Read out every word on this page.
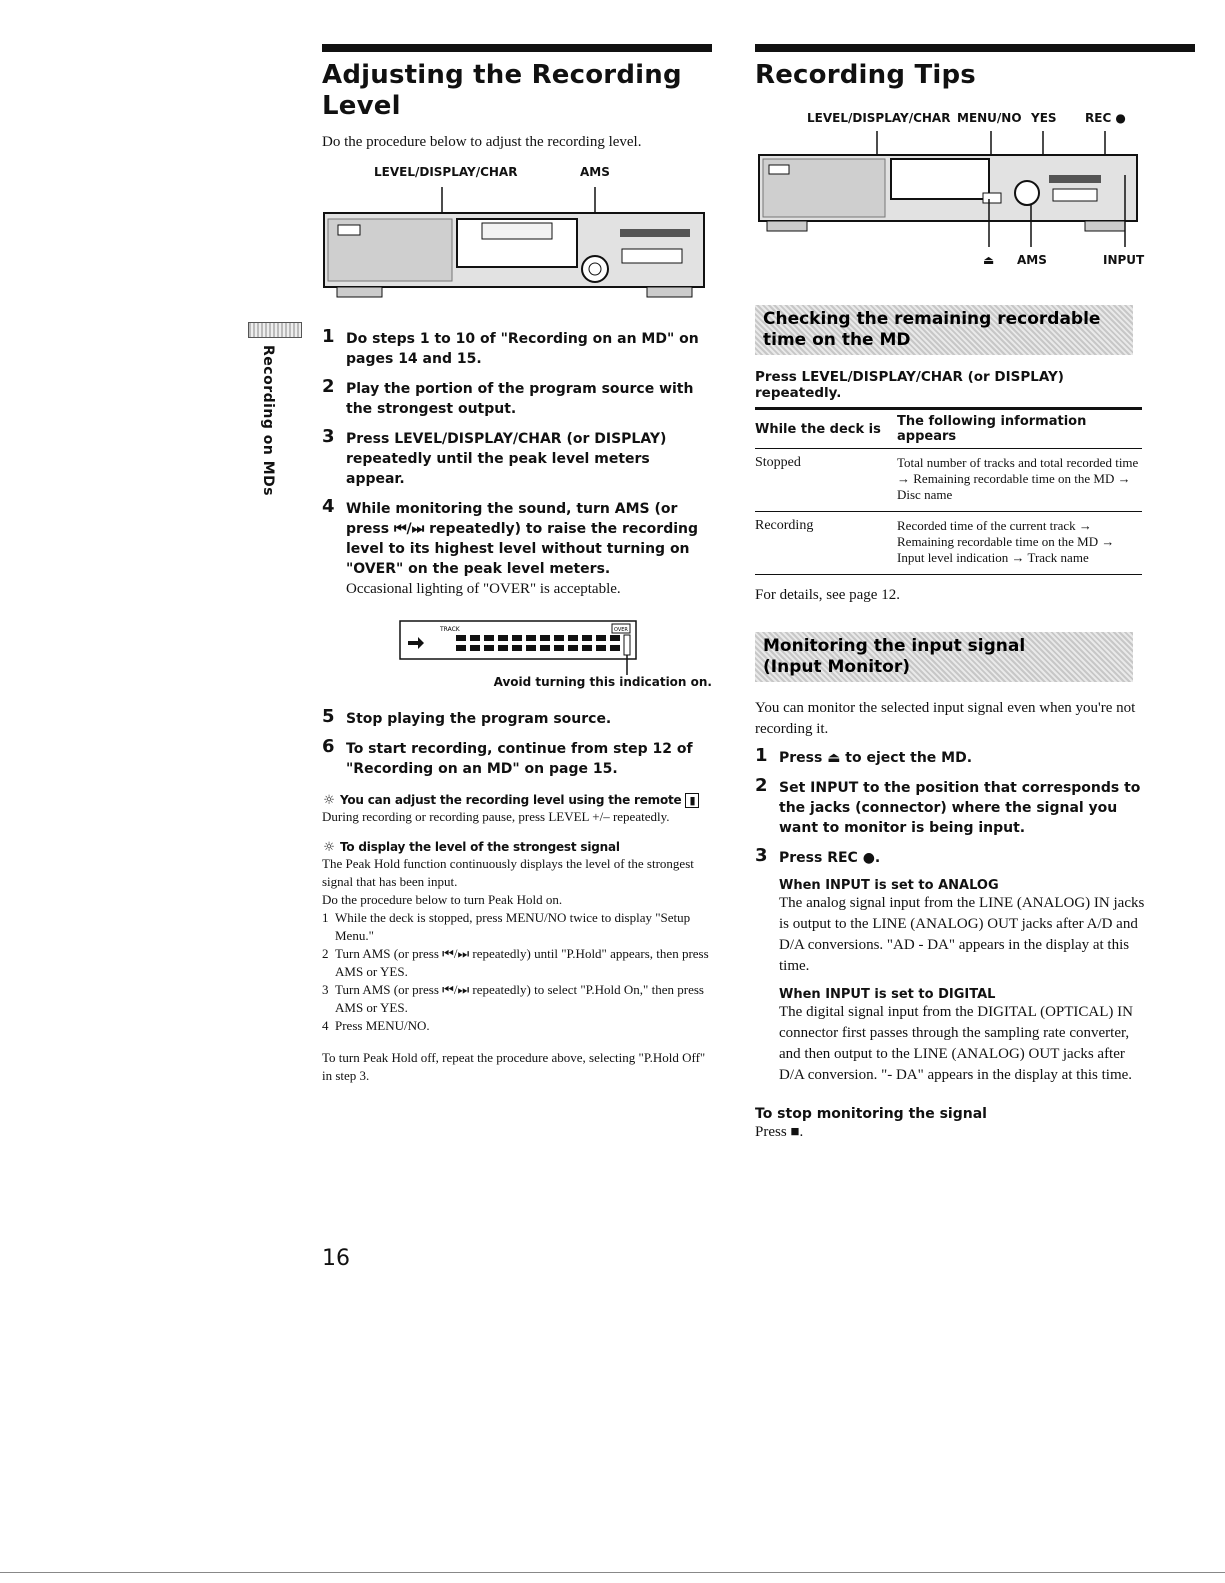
Recording on MDs
Adjusting the Recording Level

Do the procedure below to adjust the recording level.

LEVEL/DISPLAY/CHAR	AMS

1 Do steps 1 to 10 of "Recording on an MD" on pages 14 and 15.

2 Play the portion of the program source with the strongest output.

3 Press LEVEL/DISPLAY/CHAR (or DISPLAY) repeatedly until the peak level meters appear.

4 While monitoring the sound, turn AMS (or press ⏮/⏭ repeatedly) to raise the recording level to its highest level without turning on "OVER" on the peak level meters.
Occasional lighting of "OVER" is acceptable.

TRACK	OVER
Avoid turning this indication on.

5 Stop playing the program source.

6 To start recording, continue from step 12 of "Recording on an MD" on page 15.

☼ You can adjust the recording level using the remote ▮

During recording or recording pause, press LEVEL +/– repeatedly.

☼ To display the level of the strongest signal

The Peak Hold function continuously displays the level of the strongest signal that has been input.

Do the procedure below to turn Peak Hold on.

1 While the deck is stopped, press MENU/NO twice to display "Setup Menu."

2 Turn AMS (or press ⏮/⏭ repeatedly) until "P.Hold" appears, then press AMS or YES.

3 Turn AMS (or press ⏮/⏭ repeatedly) to select "P.Hold On," then press AMS or YES.

4 Press MENU/NO.

To turn Peak Hold off, repeat the procedure above, selecting "P.Hold Off" in step 3.

Recording Tips
LEVEL/DISPLAY/CHAR MENU/NO YES REC ●
⏏ AMS	INPUT
Checking the remaining recordable time on the MD

Press LEVEL/DISPLAY/CHAR (or DISPLAY) repeatedly.

While the deck is	The following information appears
Stopped	Total number of tracks and total recorded time → Remaining recordable time on the MD → Disc name
Recording	Recorded time of the current track → Remaining recordable time on the MD → Input level indication → Track name

For details, see page 12.

Monitoring the input signal
(Input Monitor)

You can monitor the selected input signal even when you're not recording it.

1 Press ⏏ to eject the MD.

2 Set INPUT to the position that corresponds to the jacks (connector) where the signal you want to monitor is being input.

3 Press REC ●.

When INPUT is set to ANALOG

The analog signal input from the LINE (ANALOG) IN jacks is output to the LINE (ANALOG) OUT jacks after A/D and D/A conversions. "AD - DA" appears in the display at this time.

When INPUT is set to DIGITAL

The digital signal input from the DIGITAL (OPTICAL) IN connector first passes through the sampling rate converter, and then output to the LINE (ANALOG) OUT jacks after D/A conversion. "- DA" appears in the display at this time.

To stop monitoring the signal

Press ■.

16
